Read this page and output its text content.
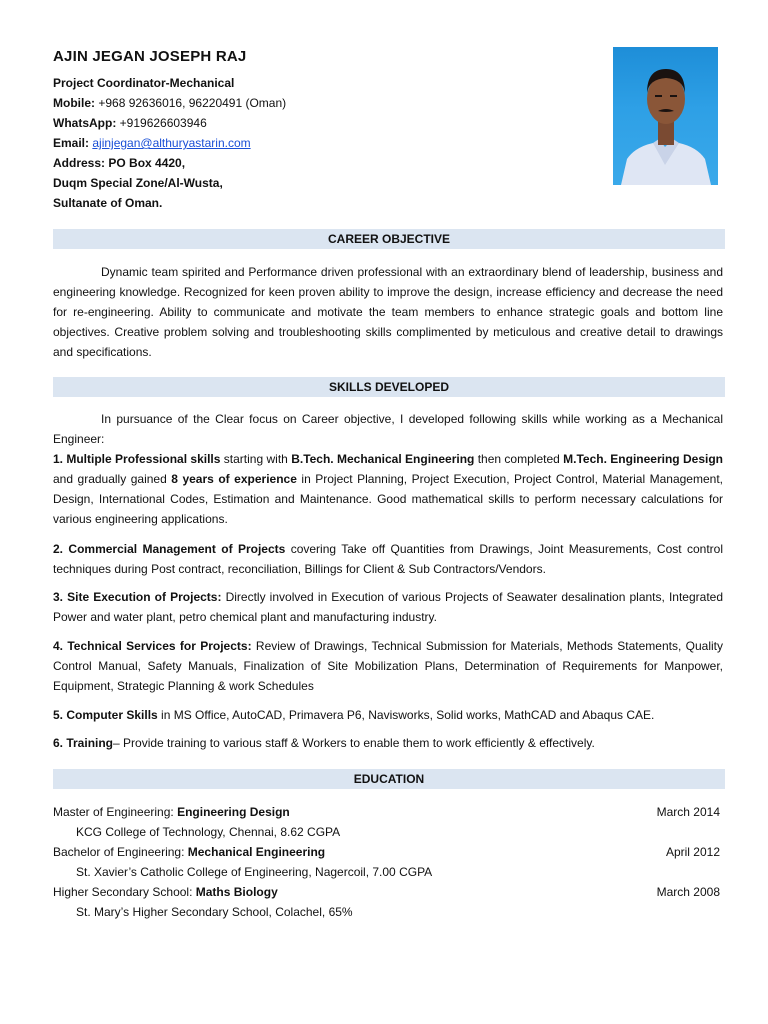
AJIN JEGAN JOSEPH RAJ
Project Coordinator-Mechanical
Mobile: +968 92636016, 96220491 (Oman)
WhatsApp: +919626603946
Email: ajinjegan@althuryastarin.com
Address: PO Box 4420,
Duqm Special Zone/Al-Wusta,
Sultanate of Oman.
CAREER OBJECTIVE
Dynamic team spirited and Performance driven professional with an extraordinary blend of leadership, business and engineering knowledge. Recognized for keen proven ability to improve the design, increase efficiency and decrease the need for re-engineering. Ability to communicate and motivate the team members to enhance strategic goals and bottom line objectives. Creative problem solving and troubleshooting skills complimented by meticulous and creative detail to drawings and specifications.
SKILLS DEVELOPED
In pursuance of the Clear focus on Career objective, I developed following skills while working as a Mechanical Engineer:
1. Multiple Professional skills starting with B.Tech. Mechanical Engineering then completed M.Tech. Engineering Design and gradually gained 8 years of experience in Project Planning, Project Execution, Project Control, Material Management, Design, International Codes, Estimation and Maintenance. Good mathematical skills to perform necessary calculations for various engineering applications.
2. Commercial Management of Projects covering Take off Quantities from Drawings, Joint Measurements, Cost control techniques during Post contract, reconciliation, Billings for Client & Sub Contractors/Vendors.
3. Site Execution of Projects: Directly involved in Execution of various Projects of Seawater desalination plants, Integrated Power and water plant, petro chemical plant and manufacturing industry.
4. Technical Services for Projects: Review of Drawings, Technical Submission for Materials, Methods Statements, Quality Control Manual, Safety Manuals, Finalization of Site Mobilization Plans, Determination of Requirements for Manpower, Equipment, Strategic Planning & work Schedules
5. Computer Skills in MS Office, AutoCAD, Primavera P6, Navisworks, Solid works, MathCAD and Abaqus CAE.
6. Training– Provide training to various staff & Workers to enable them to work efficiently & effectively.
EDUCATION
Master of Engineering: Engineering Design	March 2014
KCG College of Technology, Chennai, 8.62 CGPA
Bachelor of Engineering: Mechanical Engineering	April 2012
St. Xavier’s Catholic College of Engineering, Nagercoil, 7.00 CGPA
Higher Secondary School: Maths Biology	March 2008
St. Mary’s Higher Secondary School, Colachel, 65%
